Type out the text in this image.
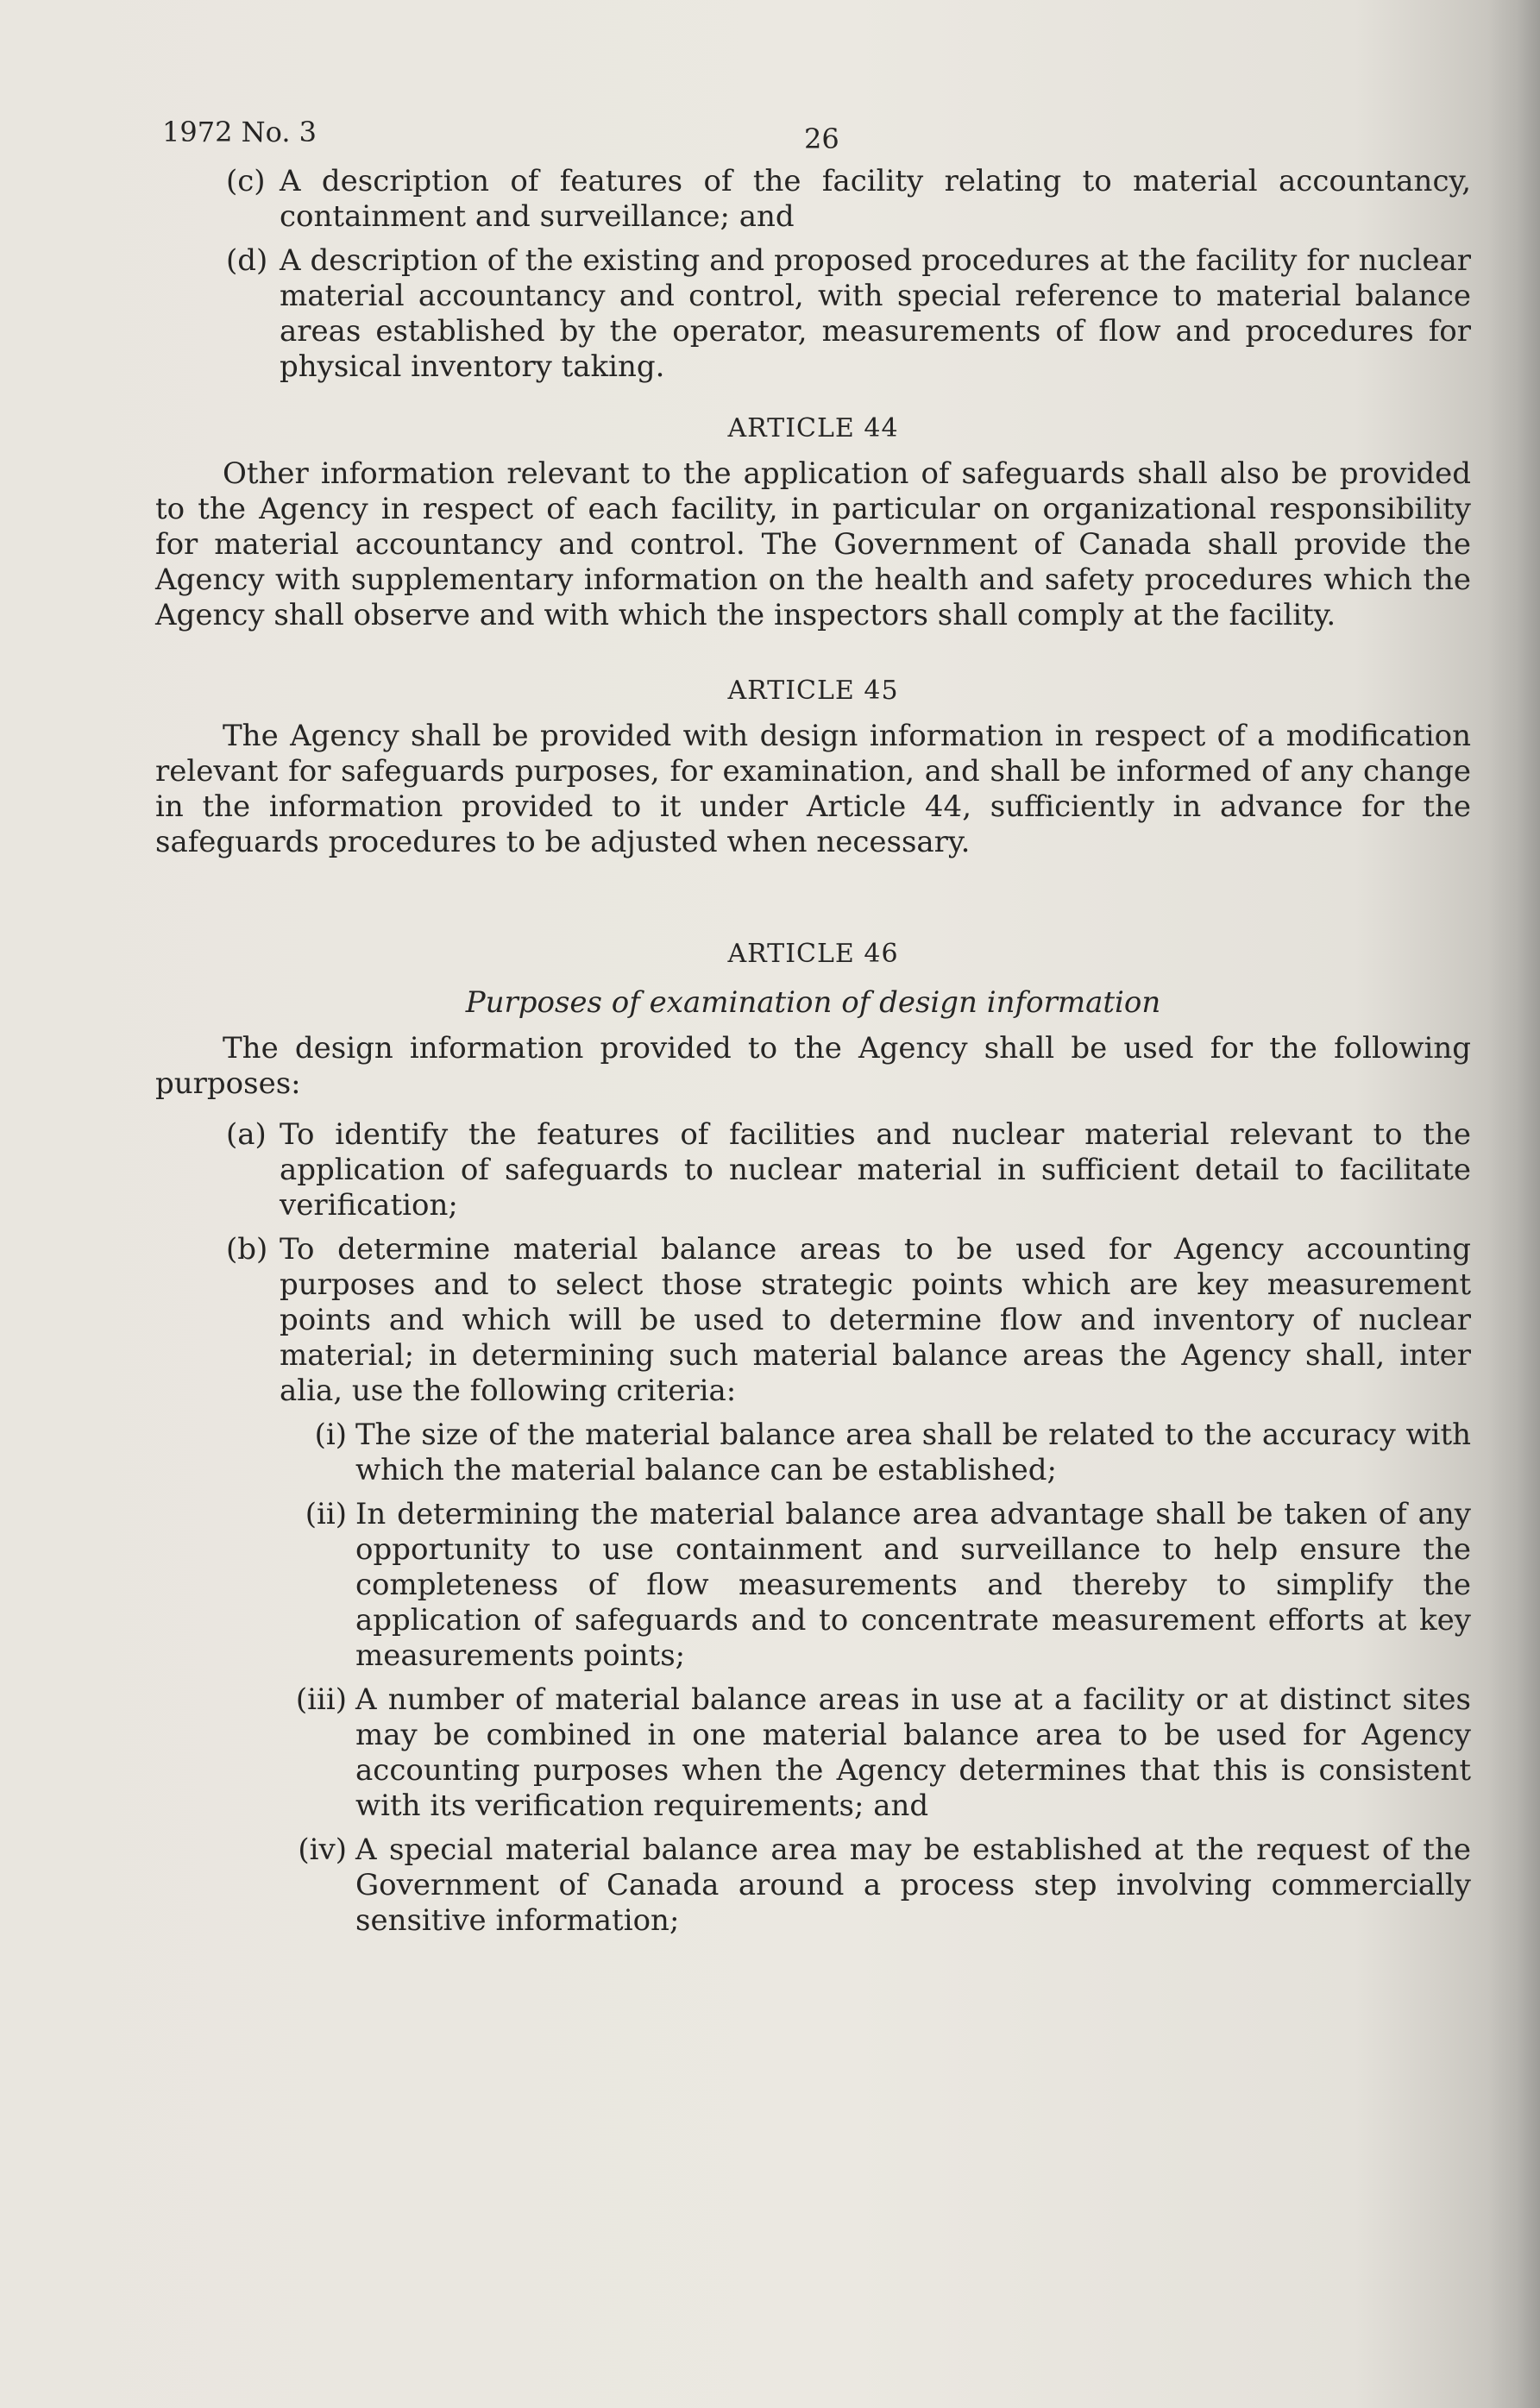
1972 No. 3	26
(c) A description of features of the facility relating to material accountancy, containment and surveillance; and
(d) A description of the existing and proposed procedures at the facility for nuclear material accountancy and control, with special reference to material balance areas established by the operator, measurements of flow and procedures for physical inventory taking.
ARTICLE 44

Other information relevant to the application of safeguards shall also be provided to the Agency in respect of each facility, in particular on organizational responsibility for material accountancy and control. The Government of Canada shall provide the Agency with supplementary information on the health and safety procedures which the Agency shall observe and with which the inspectors shall comply at the facility.

ARTICLE 45

The Agency shall be provided with design information in respect of a modification relevant for safeguards purposes, for examination, and shall be informed of any change in the information provided to it under Article 44, sufficiently in advance for the safeguards procedures to be adjusted when necessary.

ARTICLE 46
Purposes of examination of design information

The design information provided to the Agency shall be used for the following purposes:

(a) To identify the features of facilities and nuclear material relevant to the application of safeguards to nuclear material in sufficient detail to facilitate verification;
(b) To determine material balance areas to be used for Agency accounting purposes and to select those strategic points which are key measurement points and which will be used to determine flow and inventory of nuclear material; in determining such material balance areas the Agency shall, inter alia, use the following criteria:
(i) The size of the material balance area shall be related to the accuracy with which the material balance can be established;
(ii) In determining the material balance area advantage shall be taken of any opportunity to use containment and surveillance to help ensure the completeness of flow measurements and thereby to simplify the application of safeguards and to concentrate measurement efforts at key measurements points;
(iii) A number of material balance areas in use at a facility or at distinct sites may be combined in one material balance area to be used for Agency accounting purposes when the Agency determines that this is consistent with its verification requirements; and
(iv) A special material balance area may be established at the request of the Government of Canada around a process step involving commercially sensitive information;
